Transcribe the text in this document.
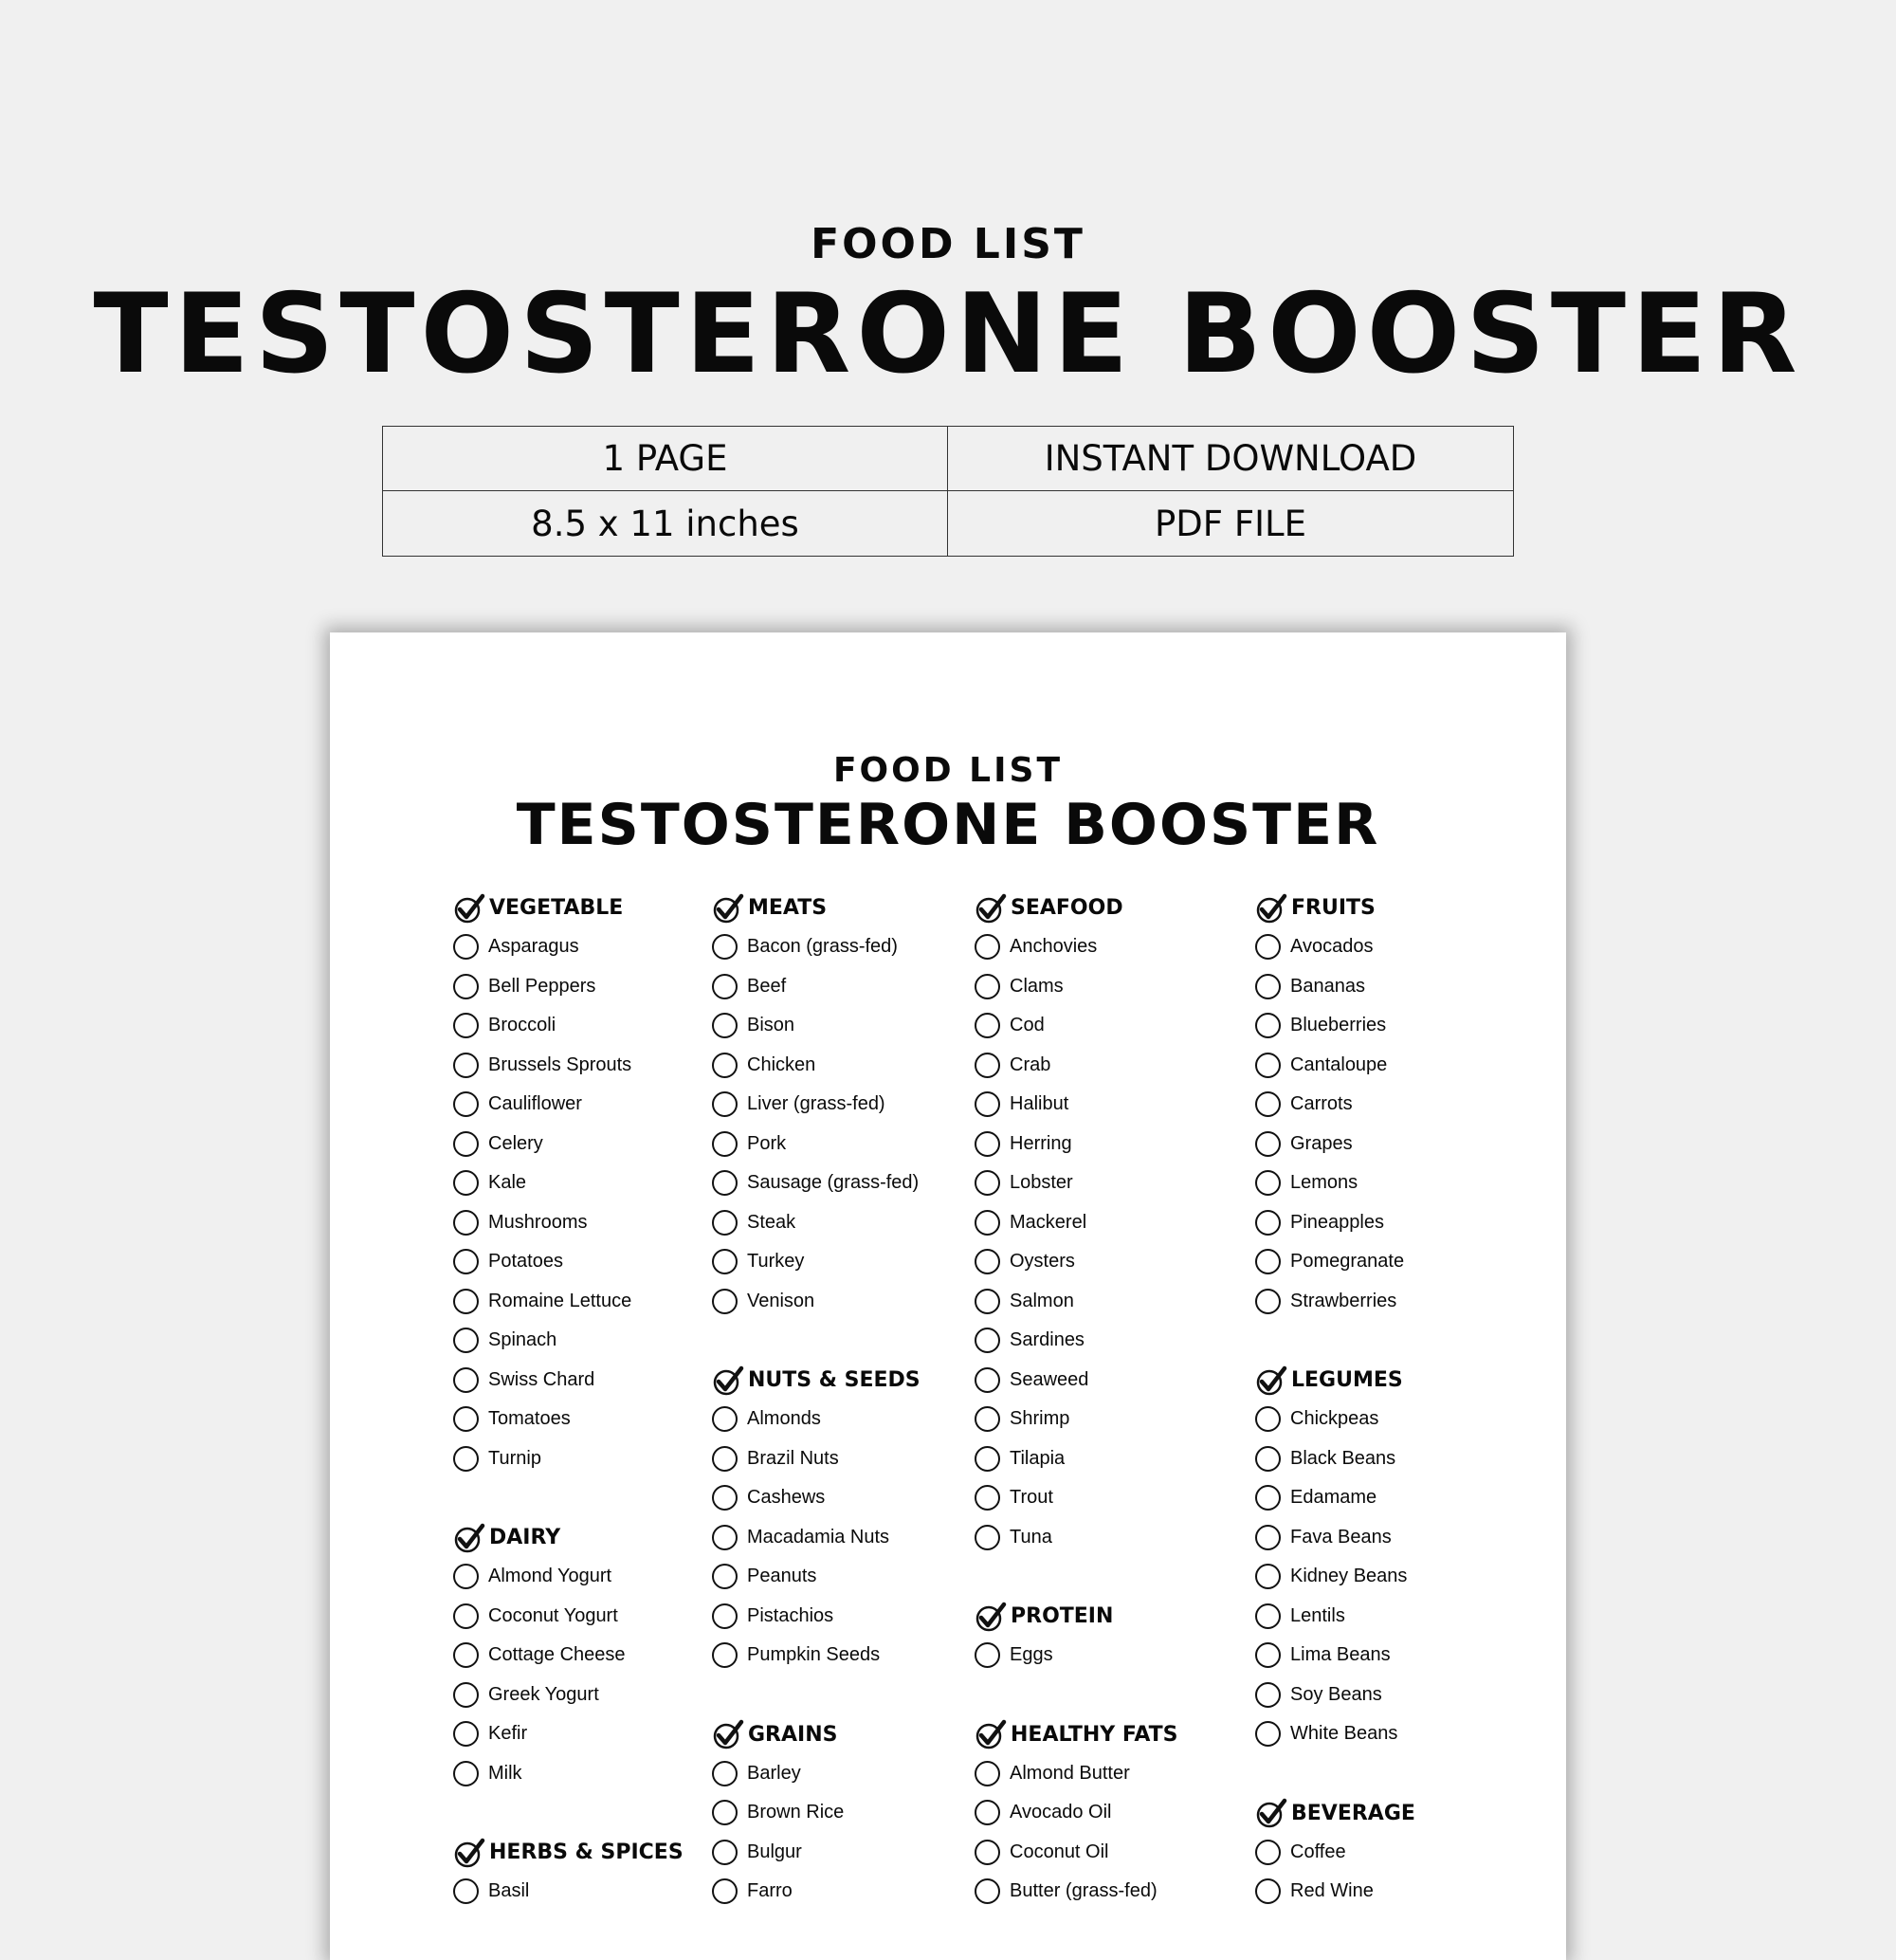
FOOD LIST
TESTOSTERONE BOOSTER
1 PAGE	INSTANT DOWNLOAD
8.5 x 11 inches	PDF FILE
FOOD LIST
TESTOSTERONE BOOSTER
VEGETABLE
Asparagus
Bell Peppers
Broccoli
Brussels Sprouts
Cauliflower
Celery
Kale
Mushrooms
Potatoes
Romaine Lettuce
Spinach
Swiss Chard
Tomatoes
Turnip
DAIRY
Almond Yogurt
Coconut Yogurt
Cottage Cheese
Greek Yogurt
Kefir
Milk
HERBS & SPICES
Basil
MEATS
Bacon (grass-fed)
Beef
Bison
Chicken
Liver (grass-fed)
Pork
Sausage (grass-fed)
Steak
Turkey
Venison
NUTS & SEEDS
Almonds
Brazil Nuts
Cashews
Macadamia Nuts
Peanuts
Pistachios
Pumpkin Seeds
GRAINS
Barley
Brown Rice
Bulgur
Farro
SEAFOOD
Anchovies
Clams
Cod
Crab
Halibut
Herring
Lobster
Mackerel
Oysters
Salmon
Sardines
Seaweed
Shrimp
Tilapia
Trout
Tuna
PROTEIN
Eggs
HEALTHY FATS
Almond Butter
Avocado Oil
Coconut Oil
Butter (grass-fed)
FRUITS
Avocados
Bananas
Blueberries
Cantaloupe
Carrots
Grapes
Lemons
Pineapples
Pomegranate
Strawberries
LEGUMES
Chickpeas
Black Beans
Edamame
Fava Beans
Kidney Beans
Lentils
Lima Beans
Soy Beans
White Beans
BEVERAGE
Coffee
Red Wine
